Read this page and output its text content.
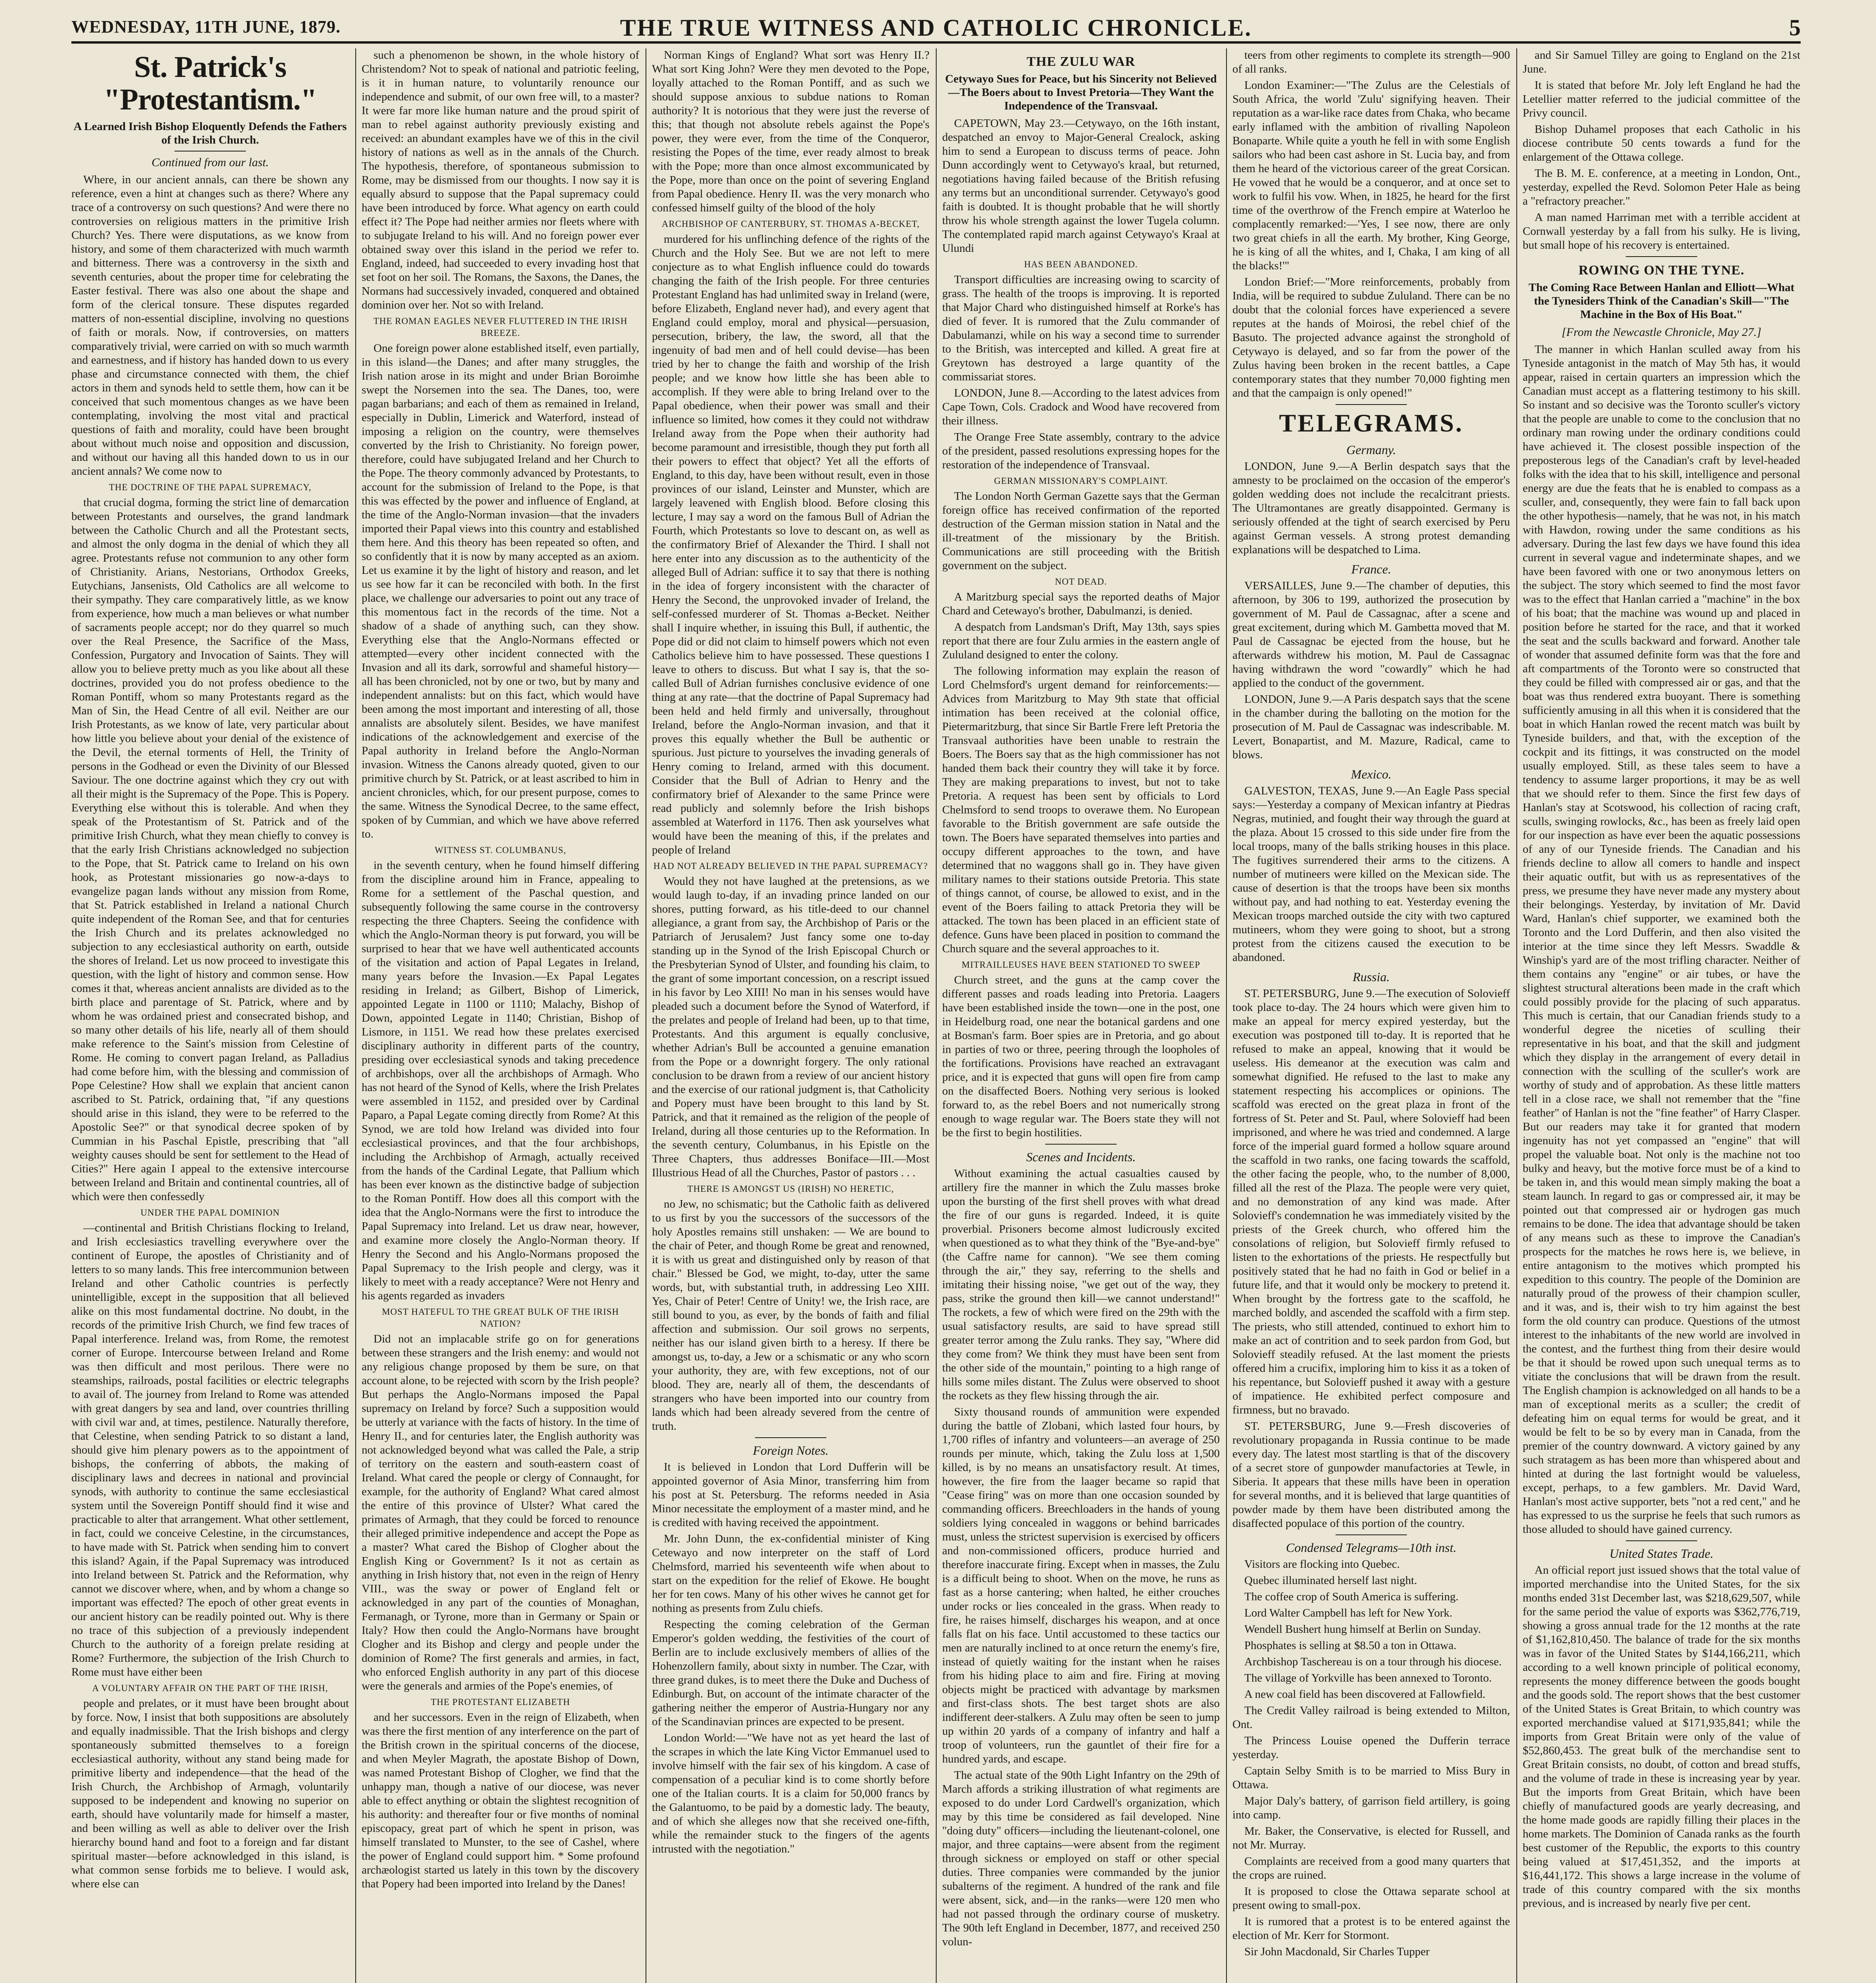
WEDNESDAY, 11TH JUNE, 1879.	THE TRUE WITNESS AND CATHOLIC CHRONICLE.	5
St. Patrick's "Protestantism."
A Learned Irish Bishop Eloquently Defends the Fathers of the Irish Church.
Continued from our last.

Where, in our ancient annals, can there be shown any reference, even a hint at changes such as there? Where any trace of a controversy on such questions? And were there no controversies on religious matters in the primitive Irish Church? Yes. There were disputations, as we know from history, and some of them characterized with much warmth and bitterness. There was a controversy in the sixth and seventh centuries, about the proper time for celebrating the Easter festival. There was also one about the shape and form of the clerical tonsure. These disputes regarded matters of non-essential discipline, involving no questions of faith or morals. Now, if controversies, on matters comparatively trivial, were carried on with so much warmth and earnestness, and if history has handed down to us every phase and circumstance connected with them, the chief actors in them and synods held to settle them, how can it be conceived that such momentous changes as we have been contemplating, involving the most vital and practical questions of faith and morality, could have been brought about without much noise and opposition and discussion, and without our having all this handed down to us in our ancient annals? We come now to

THE DOCTRINE OF THE PAPAL SUPREMACY,

that crucial dogma, forming the strict line of demarcation between Protestants and ourselves, the grand landmark between the Catholic Church and all the Protestant sects, and almost the only dogma in the denial of which they all agree. Protestants refuse not communion to any other form of Christianity. Arians, Nestorians, Orthodox Greeks, Eutychians, Jansenists, Old Catholics are all welcome to their sympathy. They care comparatively little, as we know from experience, how much a man believes or what number of sacraments people accept; nor do they quarrel so much over the Real Presence, the Sacrifice of the Mass, Confession, Purgatory and Invocation of Saints. They will allow you to believe pretty much as you like about all these doctrines, provided you do not profess obedience to the Roman Pontiff, whom so many Protestants regard as the Man of Sin, the Head Centre of all evil. Neither are our Irish Protestants, as we know of late, very particular about how little you believe about your denial of the existence of the Devil, the eternal torments of Hell, the Trinity of persons in the Godhead or even the Divinity of our Blessed Saviour. The one doctrine against which they cry out with all their might is the Supremacy of the Pope. This is Popery. Everything else without this is tolerable. And when they speak of the Protestantism of St. Patrick and of the primitive Irish Church, what they mean chiefly to convey is that the early Irish Christians acknowledged no subjection to the Pope, that St. Patrick came to Ireland on his own hook, as Protestant missionaries go now-a-days to evangelize pagan lands without any mission from Rome, that St. Patrick established in Ireland a national Church quite independent of the Roman See, and that for centuries the Irish Church and its prelates acknowledged no subjection to any ecclesiastical authority on earth, outside the shores of Ireland. Let us now proceed to investigate this question, with the light of history and common sense. How comes it that, whereas ancient annalists are divided as to the birth place and parentage of St. Patrick, where and by whom he was ordained priest and consecrated bishop, and so many other details of his life, nearly all of them should make reference to the Saint's mission from Celestine of Rome. He coming to convert pagan Ireland, as Palladius had come before him, with the blessing and commission of Pope Celestine? How shall we explain that ancient canon ascribed to St. Patrick, ordaining that, "if any questions should arise in this island, they were to be referred to the Apostolic See?" or that synodical decree spoken of by Cummian in his Paschal Epistle, prescribing that "all weighty causes should be sent for settlement to the Head of Cities?" Here again I appeal to the extensive intercourse between Ireland and Britain and continental countries, all of which were then confessedly

UNDER THE PAPAL DOMINION

—continental and British Christians flocking to Ireland, and Irish ecclesiastics travelling everywhere over the continent of Europe, the apostles of Christianity and of letters to so many lands. This free intercommunion between Ireland and other Catholic countries is perfectly unintelligible, except in the supposition that all believed alike on this most fundamental doctrine. No doubt, in the records of the primitive Irish Church, we find few traces of Papal interference. Ireland was, from Rome, the remotest corner of Europe. Intercourse between Ireland and Rome was then difficult and most perilous. There were no steamships, railroads, postal facilities or electric telegraphs to avail of. The journey from Ireland to Rome was attended with great dangers by sea and land, over countries thrilling with civil war and, at times, pestilence. Naturally therefore, that Celestine, when sending Patrick to so distant a land, should give him plenary powers as to the appointment of bishops, the conferring of abbots, the making of disciplinary laws and decrees in national and provincial synods, with authority to continue the same ecclesiastical system until the Sovereign Pontiff should find it wise and practicable to alter that arrangement. What other settlement, in fact, could we conceive Celestine, in the circumstances, to have made with St. Patrick when sending him to convert this island? Again, if the Papal Supremacy was introduced into Ireland between St. Patrick and the Reformation, why cannot we discover where, when, and by whom a change so important was effected? The epoch of other great events in our ancient history can be readily pointed out. Why is there no trace of this subjection of a previously independent Church to the authority of a foreign prelate residing at Rome? Furthermore, the subjection of the Irish Church to Rome must have either been

A VOLUNTARY AFFAIR ON THE PART OF THE IRISH,

people and prelates, or it must have been brought about by force. Now, I insist that both suppositions are absolutely and equally inadmissible. That the Irish bishops and clergy spontaneously submitted themselves to a foreign ecclesiastical authority, without any stand being made for primitive liberty and independence—that the head of the Irish Church, the Archbishop of Armagh, voluntarily supposed to be independent and knowing no superior on earth, should have voluntarily made for himself a master, and been willing as well as able to deliver over the Irish hierarchy bound hand and foot to a foreign and far distant spiritual master—before acknowledged in this island, is what common sense forbids me to believe. I would ask, where else can

such a phenomenon be shown, in the whole history of Christendom? Not to speak of national and patriotic feeling, is it in human nature, to voluntarily renounce our independence and submit, of our own free will, to a master? It were far more like human nature and the proud spirit of man to rebel against authority previously existing and received: an abundant examples have we of this in the civil history of nations as well as in the annals of the Church. The hypothesis, therefore, of spontaneous submission to Rome, may be dismissed from our thoughts. I now say it is equally absurd to suppose that the Papal supremacy could have been introduced by force. What agency on earth could effect it? The Pope had neither armies nor fleets where with to subjugate Ireland to his will. And no foreign power ever obtained sway over this island in the period we refer to. England, indeed, had succeeded to every invading host that set foot on her soil. The Romans, the Saxons, the Danes, the Normans had successively invaded, conquered and obtained dominion over her. Not so with Ireland.

THE ROMAN EAGLES NEVER FLUTTERED IN THE IRISH BREEZE.

One foreign power alone established itself, even partially, in this island—the Danes; and after many struggles, the Irish nation arose in its might and under Brian Boroimhe swept the Norsemen into the sea. The Danes, too, were pagan barbarians; and each of them as remained in Ireland, especially in Dublin, Limerick and Waterford, instead of imposing a religion on the country, were themselves converted by the Irish to Christianity. No foreign power, therefore, could have subjugated Ireland and her Church to the Pope. The theory commonly advanced by Protestants, to account for the submission of Ireland to the Pope, is that this was effected by the power and influence of England, at the time of the Anglo-Norman invasion—that the invaders imported their Papal views into this country and established them here. And this theory has been repeated so often, and so confidently that it is now by many accepted as an axiom. Let us examine it by the light of history and reason, and let us see how far it can be reconciled with both. In the first place, we challenge our adversaries to point out any trace of this momentous fact in the records of the time. Not a shadow of a shade of anything such, can they show. Everything else that the Anglo-Normans effected or attempted—every other incident connected with the Invasion and all its dark, sorrowful and shameful history—all has been chronicled, not by one or two, but by many and independent annalists: but on this fact, which would have been among the most important and interesting of all, those annalists are absolutely silent. Besides, we have manifest indications of the acknowledgement and exercise of the Papal authority in Ireland before the Anglo-Norman invasion. Witness the Canons already quoted, given to our primitive church by St. Patrick, or at least ascribed to him in ancient chronicles, which, for our present purpose, comes to the same. Witness the Synodical Decree, to the same effect, spoken of by Cummian, and which we have above referred to.

WITNESS ST. COLUMBANUS,

in the seventh century, when he found himself differing from the discipline around him in France, appealing to Rome for a settlement of the Paschal question, and subsequently following the same course in the controversy respecting the three Chapters. Seeing the confidence with which the Anglo-Norman theory is put forward, you will be surprised to hear that we have well authenticated accounts of the visitation and action of Papal Legates in Ireland, many years before the Invasion.—Ex Papal Legates residing in Ireland; as Gilbert, Bishop of Limerick, appointed Legate in 1100 or 1110; Malachy, Bishop of Down, appointed Legate in 1140; Christian, Bishop of Lismore, in 1151. We read how these prelates exercised disciplinary authority in different parts of the country, presiding over ecclesiastical synods and taking precedence of archbishops, over all the archbishops of Armagh. Who has not heard of the Synod of Kells, where the Irish Prelates were assembled in 1152, and presided over by Cardinal Paparo, a Papal Legate coming directly from Rome? At this Synod, we are told how Ireland was divided into four ecclesiastical provinces, and that the four archbishops, including the Archbishop of Armagh, actually received from the hands of the Cardinal Legate, that Pallium which has been ever known as the distinctive badge of subjection to the Roman Pontiff. How does all this comport with the idea that the Anglo-Normans were the first to introduce the Papal Supremacy into Ireland. Let us draw near, however, and examine more closely the Anglo-Norman theory. If Henry the Second and his Anglo-Normans proposed the Papal Supremacy to the Irish people and clergy, was it likely to meet with a ready acceptance? Were not Henry and his agents regarded as invaders

MOST HATEFUL TO THE GREAT BULK OF THE IRISH NATION?

Did not an implacable strife go on for generations between these strangers and the Irish enemy: and would not any religious change proposed by them be sure, on that account alone, to be rejected with scorn by the Irish people? But perhaps the Anglo-Normans imposed the Papal supremacy on Ireland by force? Such a supposition would be utterly at variance with the facts of history. In the time of Henry II., and for centuries later, the English authority was not acknowledged beyond what was called the Pale, a strip of territory on the eastern and south-eastern coast of Ireland. What cared the people or clergy of Connaught, for example, for the authority of England? What cared almost the entire of this province of Ulster? What cared the primates of Armagh, that they could be forced to renounce their alleged primitive independence and accept the Pope as a master? What cared the Bishop of Clogher about the English King or Government? Is it not as certain as anything in Irish history that, not even in the reign of Henry VIII., was the sway or power of England felt or acknowledged in any part of the counties of Monaghan, Fermanagh, or Tyrone, more than in Germany or Spain or Italy? How then could the Anglo-Normans have brought Clogher and its Bishop and clergy and people under the dominion of Rome? The first generals and armies, in fact, who enforced English authority in any part of this diocese were the generals and armies of the Pope's enemies, of

THE PROTESTANT ELIZABETH

and her successors. Even in the reign of Elizabeth, when was there the first mention of any interference on the part of the British crown in the spiritual concerns of the diocese, and when Meyler Magrath, the apostate Bishop of Down, was named Protestant Bishop of Clogher, we find that the unhappy man, though a native of our diocese, was never able to effect anything or obtain the slightest recognition of his authority: and thereafter four or five months of nominal episcopacy, great part of which he spent in prison, was himself translated to Munster, to the see of Cashel, where the power of England could support him. * Some profound archæologist started us lately in this town by the discovery that Popery had been imported into Ireland by the Danes!

Norman Kings of England? What sort was Henry II.? What sort King John? Were they men devoted to the Pope, loyally attached to the Roman Pontiff, and as such we should suppose anxious to subdue nations to Roman authority? It is notorious that they were just the reverse of this; that though not absolute rebels against the Pope's power, they were ever, from the time of the Conqueror, resisting the Popes of the time, ever ready almost to break with the Pope; more than once almost excommunicated by the Pope, more than once on the point of severing England from Papal obedience. Henry II. was the very monarch who confessed himself guilty of the blood of the holy

ARCHBISHOP OF CANTERBURY, ST. THOMAS A-BECKET,

murdered for his unflinching defence of the rights of the Church and the Holy See. But we are not left to mere conjecture as to what English influence could do towards changing the faith of the Irish people. For three centuries Protestant England has had unlimited sway in Ireland (were, before Elizabeth, England never had), and every agent that England could employ, moral and physical—persuasion, persecution, bribery, the law, the sword, all that the ingenuity of bad men and of hell could devise—has been tried by her to change the faith and worship of the Irish people; and we know how little she has been able to accomplish. If they were able to bring Ireland over to the Papal obedience, when their power was small and their influence so limited, how comes it they could not withdraw Ireland away from the Pope when their authority had become paramount and irresistible, though they put forth all their powers to effect that object? Yet all the efforts of England, to this day, have been without result, even in those provinces of our island, Leinster and Munster, which are largely leavened with English blood. Before closing this lecture, I may say a word on the famous Bull of Adrian the Fourth, which Protestants so love to descant on, as well as the confirmatory Brief of Alexander the Third. I shall not here enter into any discussion as to the authenticity of the alleged Bull of Adrian: suffice it to say that there is nothing in the idea of forgery inconsistent with the character of Henry the Second, the unprovoked invader of Ireland, the self-confessed murderer of St. Thomas a-Becket. Neither shall I inquire whether, in issuing this Bull, if authentic, the Pope did or did not claim to himself powers which not even Catholics believe him to have possessed. These questions I leave to others to discuss. But what I say is, that the so-called Bull of Adrian furnishes conclusive evidence of one thing at any rate—that the doctrine of Papal Supremacy had been held and held firmly and universally, throughout Ireland, before the Anglo-Norman invasion, and that it proves this equally whether the Bull be authentic or spurious. Just picture to yourselves the invading generals of Henry coming to Ireland, armed with this document. Consider that the Bull of Adrian to Henry and the confirmatory brief of Alexander to the same Prince were read publicly and solemnly before the Irish bishops assembled at Waterford in 1176. Then ask yourselves what would have been the meaning of this, if the prelates and people of Ireland

HAD NOT ALREADY BELIEVED IN THE PAPAL SUPREMACY?

Would they not have laughed at the pretensions, as we would laugh to-day, if an invading prince landed on our shores, putting forward, as his title-deed to our channel allegiance, a grant from say, the Archbishop of Paris or the Patriarch of Jerusalem? Just fancy some one to-day standing up in the Synod of the Irish Episcopal Church or the Presbyterian Synod of Ulster, and founding his claim, to the grant of some important concession, on a rescript issued in his favor by Leo XIII! No man in his senses would have pleaded such a document before the Synod of Waterford, if the prelates and people of Ireland had been, up to that time, Protestants. And this argument is equally conclusive, whether Adrian's Bull be accounted a genuine emanation from the Pope or a downright forgery. The only rational conclusion to be drawn from a review of our ancient history and the exercise of our rational judgment is, that Catholicity and Popery must have been brought to this land by St. Patrick, and that it remained as the religion of the people of Ireland, during all those centuries up to the Reformation. In the seventh century, Columbanus, in his Epistle on the Three Chapters, thus addresses Boniface—III.—Most Illustrious Head of all the Churches, Pastor of pastors . . .

THERE IS AMONGST US (IRISH) NO HERETIC,

no Jew, no schismatic; but the Catholic faith as delivered to us first by you the successors of the successors of the holy Apostles remains still unshaken: — We are bound to the chair of Peter, and though Rome be great and renowned, it is with us great and distinguished only by reason of that chair." Blessed be God, we might, to-day, utter the same words, but, with substantial truth, in addressing Leo XIII. Yes, Chair of Peter! Centre of Unity! we, the Irish race, are still bound to you, as ever, by the bonds of faith and filial affection and submission. Our soil grows no serpents, neither has our island given birth to a heresy. If there be amongst us, to-day, a Jew or a schismatic or any who scorn your authority, they are, with few exceptions, not of our blood. They are, nearly all of them, the descendants of strangers who have been imported into our country from lands which had been already severed from the centre of truth.

Foreign Notes.

It is believed in London that Lord Dufferin will be appointed governor of Asia Minor, transferring him from his post at St. Petersburg. The reforms needed in Asia Minor necessitate the employment of a master mind, and he is credited with having received the appointment.

Mr. John Dunn, the ex-confidential minister of King Cetewayo and now interpreter on the staff of Lord Chelmsford, married his seventeenth wife when about to start on the expedition for the relief of Ekowe. He bought her for ten cows. Many of his other wives he cannot get for nothing as presents from Zulu chiefs.

Respecting the coming celebration of the German Emperor's golden wedding, the festivities of the court of Berlin are to include exclusively members of allies of the Hohenzollern family, about sixty in number. The Czar, with three grand dukes, is to meet there the Duke and Duchess of Edinburgh. But, on account of the intimate character of the gathering neither the emperor of Austria-Hungary nor any of the Scandinavian princes are expected to be present.

London World:—"We have not as yet heard the last of the scrapes in which the late King Victor Emmanuel used to involve himself with the fair sex of his kingdom. A case of compensation of a peculiar kind is to come shortly before one of the Italian courts. It is a claim for 50,000 francs by the Galantuomo, to be paid by a domestic lady. The beauty, and of which she alleges now that she received one-fifth, while the remainder stuck to the fingers of the agents intrusted with the negotiation."

THE ZULU WAR
Cetywayo Sues for Peace, but his Sincerity not Believed—The Boers about to Invest Pretoria—They Want the Independence of the Transvaal.

CAPETOWN, May 23.—Cetywayo, on the 16th instant, despatched an envoy to Major-General Crealock, asking him to send a European to discuss terms of peace. John Dunn accordingly went to Cetywayo's kraal, but returned, negotiations having failed because of the British refusing any terms but an unconditional surrender. Cetywayo's good faith is doubted. It is thought probable that he will shortly throw his whole strength against the lower Tugela column. The contemplated rapid march against Cetywayo's Kraal at Ulundi

HAS BEEN ABANDONED.

Transport difficulties are increasing owing to scarcity of grass. The health of the troops is improving. It is reported that Major Chard who distinguished himself at Rorke's has died of fever. It is rumored that the Zulu commander of Dabulamanzi, while on his way a second time to surrender to the British, was intercepted and killed. A great fire at Greytown has destroyed a large quantity of the commissariat stores.

LONDON, June 8.—According to the latest advices from Cape Town, Cols. Cradock and Wood have recovered from their illness.

The Orange Free State assembly, contrary to the advice of the president, passed resolutions expressing hopes for the restoration of the independence of Transvaal.

GERMAN MISSIONARY'S COMPLAINT.

The London North German Gazette says that the German foreign office has received confirmation of the reported destruction of the German mission station in Natal and the ill-treatment of the missionary by the British. Communications are still proceeding with the British government on the subject.

NOT DEAD.

A Maritzburg special says the reported deaths of Major Chard and Cetewayo's brother, Dabulmanzi, is denied.

A despatch from Landsman's Drift, May 13th, says spies report that there are four Zulu armies in the eastern angle of Zululand designed to enter the colony.

The following information may explain the reason of Lord Chelmsford's urgent demand for reinforcements:—Advices from Maritzburg to May 9th state that official intimation has been received at the colonial office, Pietermaritzburg, that since Sir Bartle Frere left Pretoria the Transvaal authorities have been unable to restrain the Boers. The Boers say that as the high commissioner has not handed them back their country they will take it by force. They are making preparations to invest, but not to take Pretoria. A request has been sent by officials to Lord Chelmsford to send troops to overawe them. No European favorable to the British government are safe outside the town. The Boers have separated themselves into parties and occupy different approaches to the town, and have determined that no waggons shall go in. They have given military names to their stations outside Pretoria. This state of things cannot, of course, be allowed to exist, and in the event of the Boers failing to attack Pretoria they will be attacked. The town has been placed in an efficient state of defence. Guns have been placed in position to command the Church square and the several approaches to it.

MITRAILLEUSES HAVE BEEN STATIONED TO SWEEP

Church street, and the guns at the camp cover the different passes and roads leading into Pretoria. Laagers have been established inside the town—one in the post, one in Heidelburg road, one near the botanical gardens and one at Bosman's farm. Boer spies are in Pretoria, and go about in parties of two or three, peering through the loopholes of the fortifications. Provisions have reached an extravagant price, and it is expected that guns will open fire from camp on the disaffected Boers. Nothing very serious is looked forward to, as the rebel Boers and not numerically strong enough to wage regular war. The Boers state they will not be the first to begin hostilities.

Scenes and Incidents.

Without examining the actual casualties caused by artillery fire the manner in which the Zulu masses broke upon the bursting of the first shell proves with what dread the fire of our guns is regarded. Indeed, it is quite proverbial. Prisoners become almost ludicrously excited when questioned as to what they think of the "Bye-and-bye" (the Caffre name for cannon). "We see them coming through the air," they say, referring to the shells and imitating their hissing noise, "we get out of the way, they pass, strike the ground then kill—we cannot understand!" The rockets, a few of which were fired on the 29th with the usual satisfactory results, are said to have spread still greater terror among the Zulu ranks. They say, "Where did they come from? We think they must have been sent from the other side of the mountain," pointing to a high range of hills some miles distant. The Zulus were observed to shoot the rockets as they flew hissing through the air.

Sixty thousand rounds of ammunition were expended during the battle of Zlobani, which lasted four hours, by 1,700 rifles of infantry and volunteers—an average of 250 rounds per minute, which, taking the Zulu loss at 1,500 killed, is by no means an unsatisfactory result. At times, however, the fire from the laager became so rapid that "Cease firing" was on more than one occasion sounded by commanding officers. Breechloaders in the hands of young soldiers lying concealed in waggons or behind barricades must, unless the strictest supervision is exercised by officers and non-commissioned officers, produce hurried and therefore inaccurate firing. Except when in masses, the Zulu is a difficult being to shoot. When on the move, he runs as fast as a horse cantering; when halted, he either crouches under rocks or lies concealed in the grass. When ready to fire, he raises himself, discharges his weapon, and at once falls flat on his face. Until accustomed to these tactics our men are naturally inclined to at once return the enemy's fire, instead of quietly waiting for the instant when he raises from his hiding place to aim and fire. Firing at moving objects might be practiced with advantage by marksmen and first-class shots. The best target shots are also indifferent deer-stalkers. A Zulu may often be seen to jump up within 20 yards of a company of infantry and half a troop of volunteers, run the gauntlet of their fire for a hundred yards, and escape.

The actual state of the 90th Light Infantry on the 29th of March affords a striking illustration of what regiments are exposed to do under Lord Cardwell's organization, which may by this time be considered as fail developed. Nine "doing duty" officers—including the lieutenant-colonel, one major, and three captains—were absent from the regiment through sickness or employed on staff or other special duties. Three companies were commanded by the junior subalterns of the regiment. A hundred of the rank and file were absent, sick, and—in the ranks—were 120 men who had not passed through the ordinary course of musketry. The 90th left England in December, 1877, and received 250 volun-

teers from other regiments to complete its strength—900 of all ranks.

London Examiner:—"The Zulus are the Celestials of South Africa, the world 'Zulu' signifying heaven. Their reputation as a war-like race dates from Chaka, who became early inflamed with the ambition of rivalling Napoleon Bonaparte. While quite a youth he fell in with some English sailors who had been cast ashore in St. Lucia bay, and from them he heard of the victorious career of the great Corsican. He vowed that he would be a conqueror, and at once set to work to fulfil his vow. When, in 1825, he heard for the first time of the overthrow of the French empire at Waterloo he complacently remarked:—'Yes, I see now, there are only two great chiefs in all the earth. My brother, King George, he is king of all the whites, and I, Chaka, I am king of all the blacks!'"

London Brief:—"More reinforcements, probably from India, will be required to subdue Zululand. There can be no doubt that the colonial forces have experienced a severe reputes at the hands of Moirosi, the rebel chief of the Basuto. The projected advance against the stronghold of Cetywayo is delayed, and so far from the power of the Zulus having been broken in the recent battles, a Cape contemporary states that they number 70,000 fighting men and that the campaign is only opened!"

TELEGRAMS.
Germany.

LONDON, June 9.—A Berlin despatch says that the amnesty to be proclaimed on the occasion of the emperor's golden wedding does not include the recalcitrant priests. The Ultramontanes are greatly disappointed. Germany is seriously offended at the tight of search exercised by Peru against German vessels. A strong protest demanding explanations will be despatched to Lima.

France.

VERSAILLES, June 9.—The chamber of deputies, this afternoon, by 306 to 199, authorized the prosecution by government of M. Paul de Cassagnac, after a scene and great excitement, during which M. Gambetta moved that M. Paul de Cassagnac be ejected from the house, but he afterwards withdrew his motion, M. Paul de Cassagnac having withdrawn the word "cowardly" which he had applied to the conduct of the government.

LONDON, June 9.—A Paris despatch says that the scene in the chamber during the balloting on the motion for the prosecution of M. Paul de Cassagnac was indescribable. M. Levert, Bonapartist, and M. Mazure, Radical, came to blows.

Mexico.

GALVESTON, TEXAS, June 9.—An Eagle Pass special says:—Yesterday a company of Mexican infantry at Piedras Negras, mutinied, and fought their way through the guard at the plaza. About 15 crossed to this side under fire from the local troops, many of the balls striking houses in this place. The fugitives surrendered their arms to the citizens. A number of mutineers were killed on the Mexican side. The cause of desertion is that the troops have been six months without pay, and had nothing to eat. Yesterday evening the Mexican troops marched outside the city with two captured mutineers, whom they were going to shoot, but a strong protest from the citizens caused the execution to be abandoned.

Russia.

ST. PETERSBURG, June 9.—The execution of Solovieff took place to-day. The 24 hours which were given him to make an appeal for mercy expired yesterday, but the execution was postponed till to-day. It is reported that he refused to make an appeal, knowing that it would be useless. His demeanor at the execution was calm and somewhat dignified. He refused to the last to make any statement respecting his accomplices or opinions. The scaffold was erected on the great plaza in front of the fortress of St. Peter and St. Paul, where Solovieff had been imprisoned, and where he was tried and condemned. A large force of the imperial guard formed a hollow square around the scaffold in two ranks, one facing towards the scaffold, the other facing the people, who, to the number of 8,000, filled all the rest of the Plaza. The people were very quiet, and no demonstration of any kind was made. After Solovieff's condemnation he was immediately visited by the priests of the Greek church, who offered him the consolations of religion, but Solovieff firmly refused to listen to the exhortations of the priests. He respectfully but positively stated that he had no faith in God or belief in a future life, and that it would only be mockery to pretend it. When brought by the fortress gate to the scaffold, he marched boldly, and ascended the scaffold with a firm step. The priests, who still attended, continued to exhort him to make an act of contrition and to seek pardon from God, but Solovieff steadily refused. At the last moment the priests offered him a crucifix, imploring him to kiss it as a token of his repentance, but Solovieff pushed it away with a gesture of impatience. He exhibited perfect composure and firmness, but no bravado.

ST. PETERSBURG, June 9.—Fresh discoveries of revolutionary propaganda in Russia continue to be made every day. The latest most startling is that of the discovery of a secret store of gunpowder manufactories at Tewle, in Siberia. It appears that these mills have been in operation for several months, and it is believed that large quantities of powder made by them have been distributed among the disaffected populace of this portion of the country.

Condensed Telegrams—10th inst.

Visitors are flocking into Quebec.

Quebec illuminated herself last night.

The coffee crop of South America is suffering.

Lord Walter Campbell has left for New York.

Wendell Bushert hung himself at Berlin on Sunday.

Phosphates is selling at $8.50 a ton in Ottawa.

Archbishop Taschereau is on a tour through his diocese.

The village of Yorkville has been annexed to Toronto.

A new coal field has been discovered at Fallowfield.

The Credit Valley railroad is being extended to Milton, Ont.

The Princess Louise opened the Dufferin terrace yesterday.

Captain Selby Smith is to be married to Miss Bury in Ottawa.

Major Daly's battery, of garrison field artillery, is going into camp.

Mr. Baker, the Conservative, is elected for Russell, and not Mr. Murray.

Complaints are received from a good many quarters that the crops are ruined.

It is proposed to close the Ottawa separate school at present owing to small-pox.

It is rumored that a protest is to be entered against the election of Mr. Kerr for Stormont.

Sir John Macdonald, Sir Charles Tupper

and Sir Samuel Tilley are going to England on the 21st June.

It is stated that before Mr. Joly left England he had the Letellier matter referred to the judicial committee of the Privy council.

Bishop Duhamel proposes that each Catholic in his diocese contribute 50 cents towards a fund for the enlargement of the Ottawa college.

The B. M. E. conference, at a meeting in London, Ont., yesterday, expelled the Revd. Solomon Peter Hale as being a "refractory preacher."

A man named Harriman met with a terrible accident at Cornwall yesterday by a fall from his sulky. He is living, but small hope of his recovery is entertained.

ROWING ON THE TYNE.
The Coming Race Between Hanlan and Elliott—What the Tynesiders Think of the Canadian's Skill—"The Machine in the Box of His Boat."
[From the Newcastle Chronicle, May 27.]

The manner in which Hanlan sculled away from his Tyneside antagonist in the match of May 5th has, it would appear, raised in certain quarters an impression which the Canadian must accept as a flattering testimony to his skill. So instant and so decisive was the Toronto sculler's victory that the people are unable to come to the conclusion that no ordinary man rowing under the ordinary conditions could have achieved it. The closest possible inspection of the preposterous legs of the Canadian's craft by level-headed folks with the idea that to his skill, intelligence and personal energy are due the feats that he is enabled to compass as a sculler, and, consequently, they were fain to fall back upon the other hypothesis—namely, that he was not, in his match with Hawdon, rowing under the same conditions as his adversary. During the last few days we have found this idea current in several vague and indeterminate shapes, and we have been favored with one or two anonymous letters on the subject. The story which seemed to find the most favor was to the effect that Hanlan carried a "machine" in the box of his boat; that the machine was wound up and placed in position before he started for the race, and that it worked the seat and the sculls backward and forward. Another tale of wonder that assumed definite form was that the fore and aft compartments of the Toronto were so constructed that they could be filled with compressed air or gas, and that the boat was thus rendered extra buoyant. There is something sufficiently amusing in all this when it is considered that the boat in which Hanlan rowed the recent match was built by Tyneside builders, and that, with the exception of the cockpit and its fittings, it was constructed on the model usually employed. Still, as these tales seem to have a tendency to assume larger proportions, it may be as well that we should refer to them. Since the first few days of Hanlan's stay at Scotswood, his collection of racing craft, sculls, swinging rowlocks, &c., has been as freely laid open for our inspection as have ever been the aquatic possessions of any of our Tyneside friends. The Canadian and his friends decline to allow all comers to handle and inspect their aquatic outfit, but with us as representatives of the press, we presume they have never made any mystery about their belongings. Yesterday, by invitation of Mr. David Ward, Hanlan's chief supporter, we examined both the Toronto and the Lord Dufferin, and then also visited the interior at the time since they left Messrs. Swaddle & Winship's yard are of the most trifling character. Neither of them contains any "engine" or air tubes, or have the slightest structural alterations been made in the craft which could possibly provide for the placing of such apparatus. This much is certain, that our Canadian friends study to a wonderful degree the niceties of sculling their representative in his boat, and that the skill and judgment which they display in the arrangement of every detail in connection with the sculling of the sculler's work are worthy of study and of approbation. As these little matters tell in a close race, we shall not remember that the "fine feather" of Hanlan is not the "fine feather" of Harry Clasper. But our readers may take it for granted that modern ingenuity has not yet compassed an "engine" that will propel the valuable boat. Not only is the machine not too bulky and heavy, but the motive force must be of a kind to be taken in, and this would mean simply making the boat a steam launch. In regard to gas or compressed air, it may be pointed out that compressed air or hydrogen gas much remains to be done. The idea that advantage should be taken of any means such as these to improve the Canadian's prospects for the matches he rows here is, we believe, in entire antagonism to the motives which prompted his expedition to this country. The people of the Dominion are naturally proud of the prowess of their champion sculler, and it was, and is, their wish to try him against the best form the old country can produce. Questions of the utmost interest to the inhabitants of the new world are involved in the contest, and the furthest thing from their desire would be that it should be rowed upon such unequal terms as to vitiate the conclusions that will be drawn from the result. The English champion is acknowledged on all hands to be a man of exceptional merits as a sculler; the credit of defeating him on equal terms for would be great, and it would be felt to be so by every man in Canada, from the premier of the country downward. A victory gained by any such stratagem as has been more than whispered about and hinted at during the last fortnight would be valueless, except, perhaps, to a few gamblers. Mr. David Ward, Hanlan's most active supporter, bets "not a red cent," and he has expressed to us the surprise he feels that such rumors as those alluded to should have gained currency.

United States Trade.

An official report just issued shows that the total value of imported merchandise into the United States, for the six months ended 31st December last, was $218,629,507, while for the same period the value of exports was $362,776,719, showing a gross annual trade for the 12 months at the rate of $1,162,810,450. The balance of trade for the six months was in favor of the United States by $144,166,211, which according to a well known principle of political economy, represents the money difference between the goods bought and the goods sold. The report shows that the best customer of the United States is Great Britain, to which country was exported merchandise valued at $171,935,841; while the imports from Great Britain were only of the value of $52,860,453. The great bulk of the merchandise sent to Great Britain consists, no doubt, of cotton and bread stuffs, and the volume of trade in these is increasing year by year. But the imports from Great Britain, which have been chiefly of manufactured goods are yearly decreasing, and the home made goods are rapidly filling their places in the home markets. The Dominion of Canada ranks as the fourth best customer of the Republic, the exports to this country being valued at $17,451,352, and the imports at $16,441,172. This shows a large increase in the volume of trade of this country compared with the six months previous, and is increased by nearly five per cent.
